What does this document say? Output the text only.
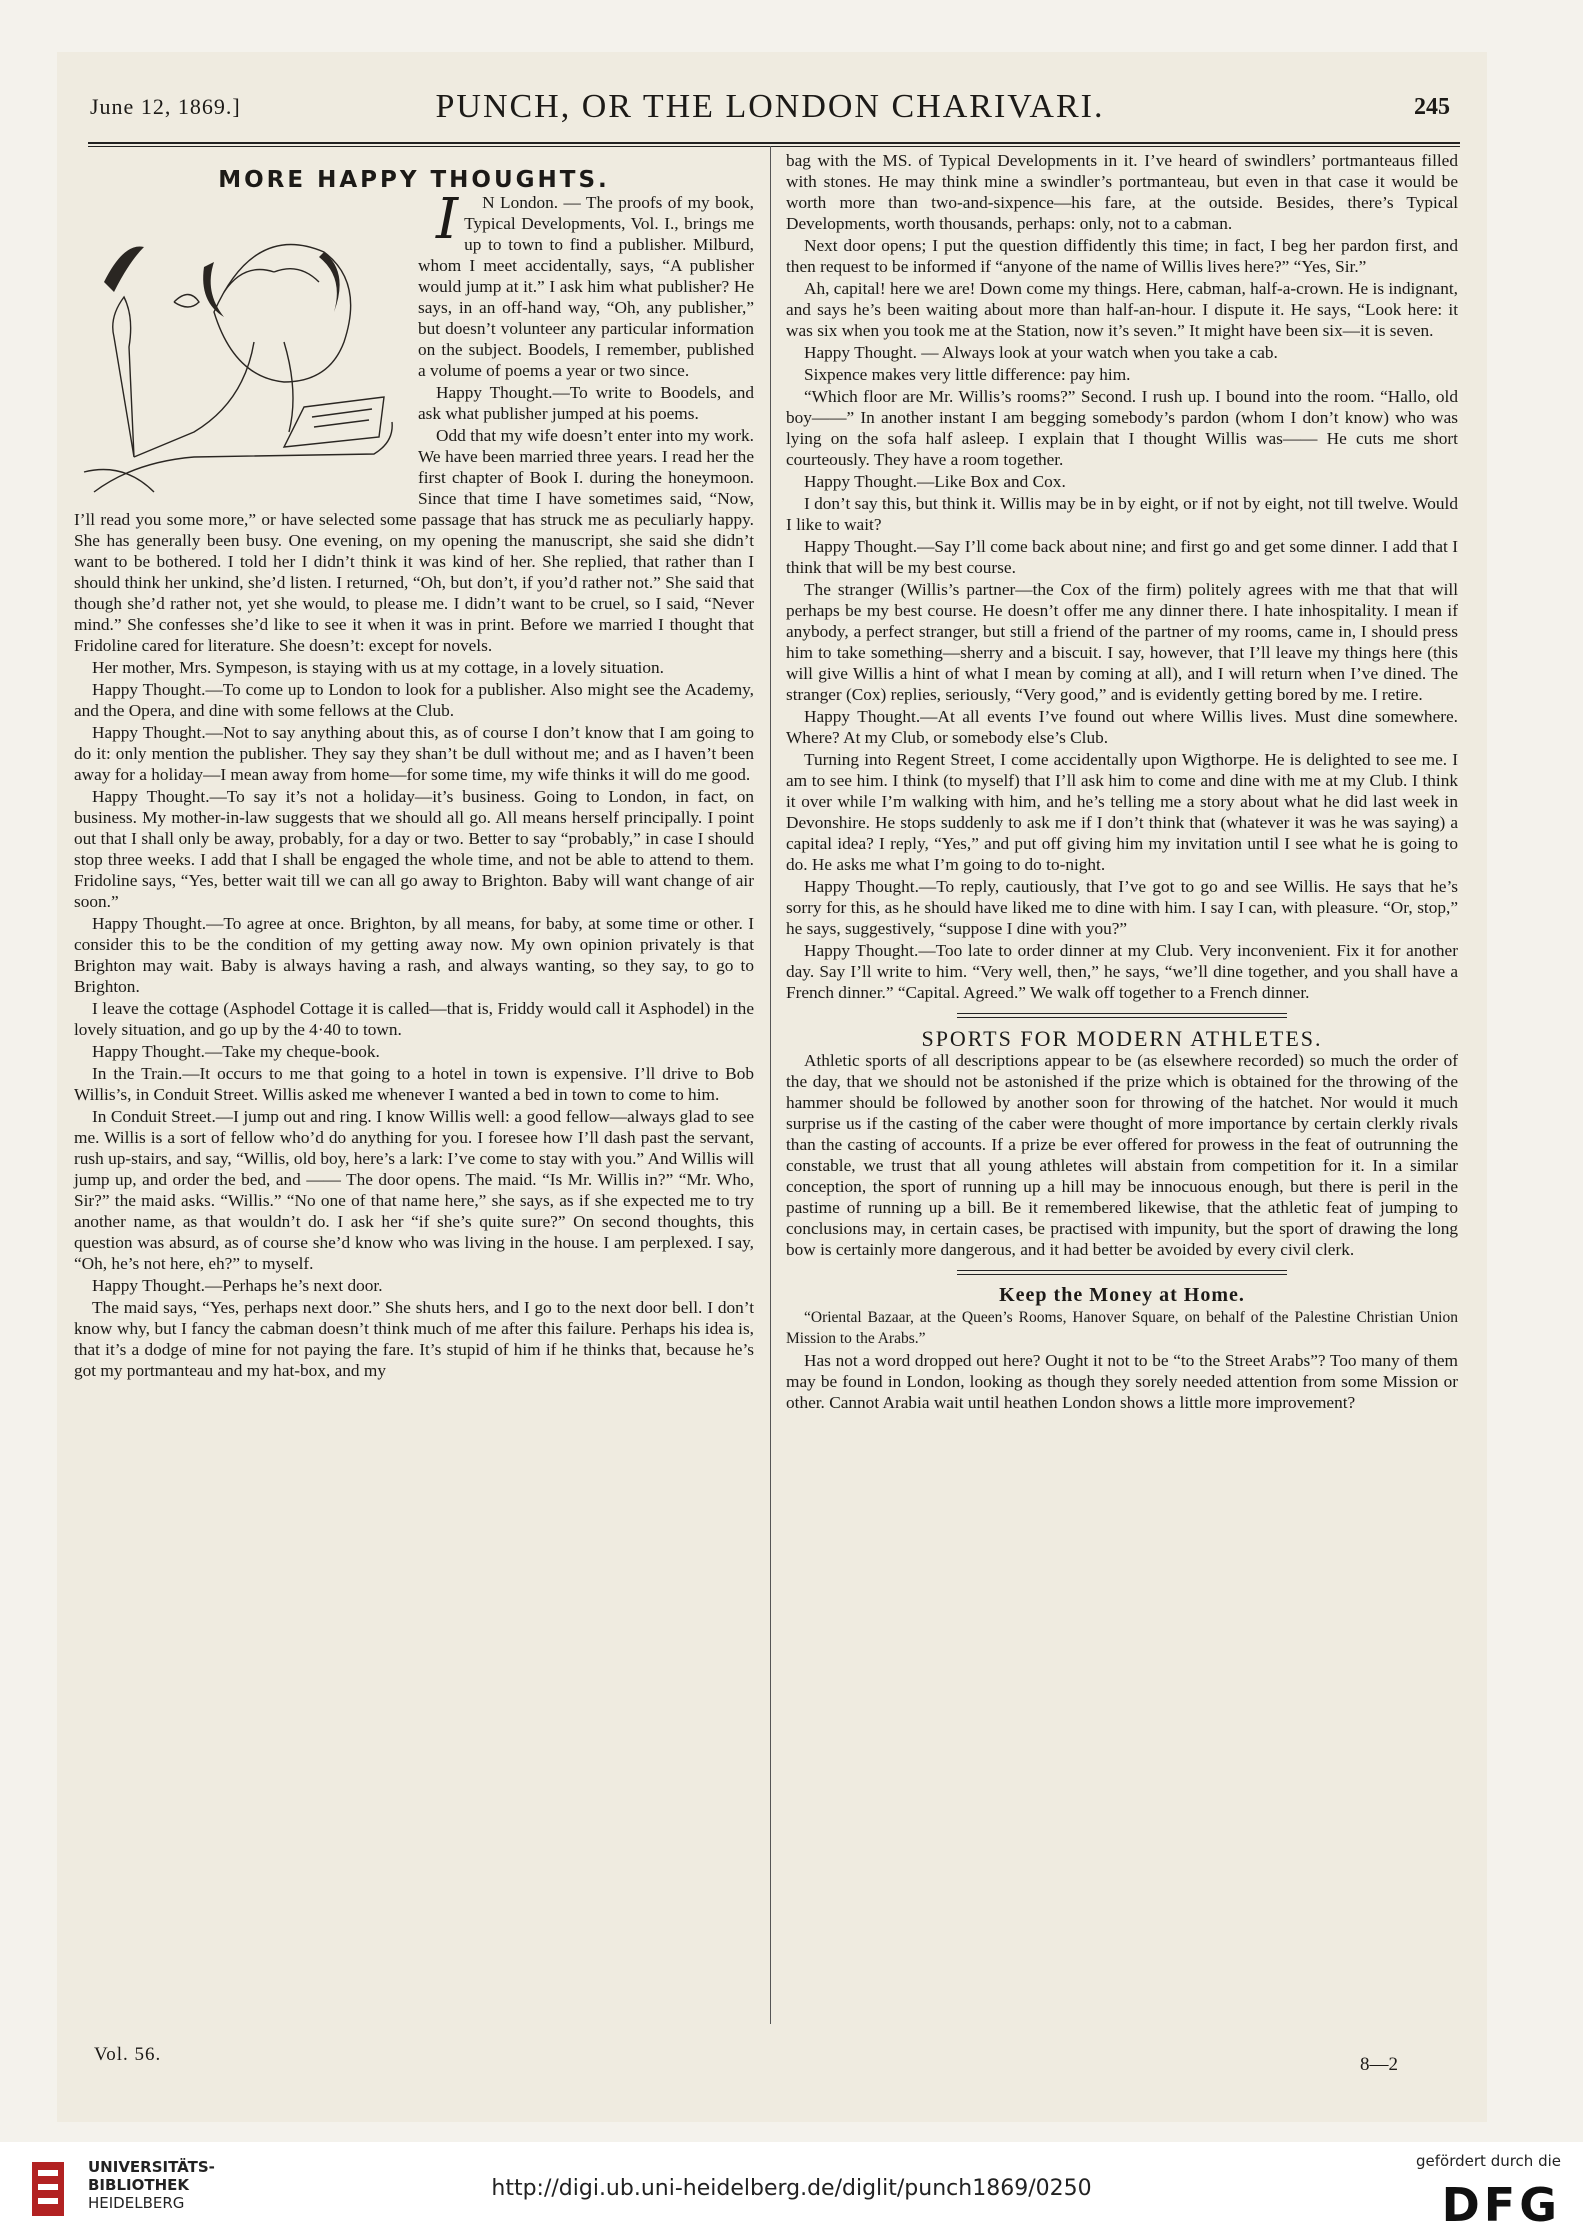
June 12, 1869.]	PUNCH, OR THE LONDON CHARIVARI.	245

MORE HAPPY THOUGHTS.

I N London. — The proofs of my book, Typical Developments, Vol. I., brings me up to town to find a publisher. Milburd, whom I meet accidentally, says, “A publisher would jump at it.” I ask him what publisher? He says, in an off-hand way, “Oh, any publisher,” but doesn’t volunteer any particular information on the subject. Boodels, I remember, published a volume of poems a year or two since.

Happy Thought.—To write to Boodels, and ask what publisher jumped at his poems.

Odd that my wife doesn’t enter into my work. We have been married three years. I read her the first chapter of Book I. during the honeymoon. Since that time I have sometimes said, “Now, I’ll read you some more,” or have selected some passage that has struck me as peculiarly happy. She has generally been busy. One evening, on my opening the manuscript, she said she didn’t want to be bothered. I told her I didn’t think it was kind of her. She replied, that rather than I should think her unkind, she’d listen. I returned, “Oh, but don’t, if you’d rather not.” She said that though she’d rather not, yet she would, to please me. I didn’t want to be cruel, so I said, “Never mind.” She confesses she’d like to see it when it was in print. Before we married I thought that Fridoline cared for literature. She doesn’t: except for novels.

Her mother, Mrs. Sympeson, is staying with us at my cottage, in a lovely situation.

Happy Thought.—To come up to London to look for a publisher. Also might see the Academy, and the Opera, and dine with some fellows at the Club.

Happy Thought.—Not to say anything about this, as of course I don’t know that I am going to do it: only mention the publisher. They say they shan’t be dull without me; and as I haven’t been away for a holiday—I mean away from home—for some time, my wife thinks it will do me good.

Happy Thought.—To say it’s not a holiday—it’s business. Going to London, in fact, on business. My mother-in-law suggests that we should all go. All means herself principally. I point out that I shall only be away, probably, for a day or two. Better to say “probably,” in case I should stop three weeks. I add that I shall be engaged the whole time, and not be able to attend to them. Fridoline says, “Yes, better wait till we can all go away to Brighton. Baby will want change of air soon.”

Happy Thought.—To agree at once. Brighton, by all means, for baby, at some time or other. I consider this to be the condition of my getting away now. My own opinion privately is that Brighton may wait. Baby is always having a rash, and always wanting, so they say, to go to Brighton.

I leave the cottage (Asphodel Cottage it is called—that is, Friddy would call it Asphodel) in the lovely situation, and go up by the 4·40 to town.

Happy Thought.—Take my cheque-book.

In the Train.—It occurs to me that going to a hotel in town is expensive. I’ll drive to Bob Willis’s, in Conduit Street. Willis asked me whenever I wanted a bed in town to come to him.

In Conduit Street.—I jump out and ring. I know Willis well: a good fellow—always glad to see me. Willis is a sort of fellow who’d do anything for you. I foresee how I’ll dash past the servant, rush up-stairs, and say, “Willis, old boy, here’s a lark: I’ve come to stay with you.” And Willis will jump up, and order the bed, and —— The door opens. The maid. “Is Mr. Willis in?” “Mr. Who, Sir?” the maid asks. “Willis.” “No one of that name here,” she says, as if she expected me to try another name, as that wouldn’t do. I ask her “if she’s quite sure?” On second thoughts, this question was absurd, as of course she’d know who was living in the house. I am perplexed. I say, “Oh, he’s not here, eh?” to myself.

Happy Thought.—Perhaps he’s next door.

The maid says, “Yes, perhaps next door.” She shuts hers, and I go to the next door bell. I don’t know why, but I fancy the cabman doesn’t think much of me after this failure. Perhaps his idea is, that it’s a dodge of mine for not paying the fare. It’s stupid of him if he thinks that, because he’s got my portmanteau and my hat-box, and my

bag with the MS. of Typical Developments in it. I’ve heard of swindlers’ portmanteaus filled with stones. He may think mine a swindler’s portmanteau, but even in that case it would be worth more than two-and-sixpence—his fare, at the outside. Besides, there’s Typical Developments, worth thousands, perhaps: only, not to a cabman.

Next door opens; I put the question diffidently this time; in fact, I beg her pardon first, and then request to be informed if “anyone of the name of Willis lives here?” “Yes, Sir.”

Ah, capital! here we are! Down come my things. Here, cabman, half-a-crown. He is indignant, and says he’s been waiting about more than half-an-hour. I dispute it. He says, “Look here: it was six when you took me at the Station, now it’s seven.” It might have been six—it is seven.

Happy Thought. — Always look at your watch when you take a cab.

Sixpence makes very little difference: pay him.

“Which floor are Mr. Willis’s rooms?” Second. I rush up. I bound into the room. “Hallo, old boy——” In another instant I am begging somebody’s pardon (whom I don’t know) who was lying on the sofa half asleep. I explain that I thought Willis was—— He cuts me short courteously. They have a room together.

Happy Thought.—Like Box and Cox.

I don’t say this, but think it. Willis may be in by eight, or if not by eight, not till twelve. Would I like to wait?

Happy Thought.—Say I’ll come back about nine; and first go and get some dinner. I add that I think that will be my best course.

The stranger (Willis’s partner—the Cox of the firm) politely agrees with me that that will perhaps be my best course. He doesn’t offer me any dinner there. I hate inhospitality. I mean if anybody, a perfect stranger, but still a friend of the partner of my rooms, came in, I should press him to take something—sherry and a biscuit. I say, however, that I’ll leave my things here (this will give Willis a hint of what I mean by coming at all), and I will return when I’ve dined. The stranger (Cox) replies, seriously, “Very good,” and is evidently getting bored by me. I retire.

Happy Thought.—At all events I’ve found out where Willis lives. Must dine somewhere. Where? At my Club, or somebody else’s Club.

Turning into Regent Street, I come accidentally upon Wigthorpe. He is delighted to see me. I am to see him. I think (to myself) that I’ll ask him to come and dine with me at my Club. I think it over while I’m walking with him, and he’s telling me a story about what he did last week in Devonshire. He stops suddenly to ask me if I don’t think that (whatever it was he was saying) a capital idea? I reply, “Yes,” and put off giving him my invitation until I see what he is going to do. He asks me what I’m going to do to-night.

Happy Thought.—To reply, cautiously, that I’ve got to go and see Willis. He says that he’s sorry for this, as he should have liked me to dine with him. I say I can, with pleasure. “Or, stop,” he says, suggestively, “suppose I dine with you?”

Happy Thought.—Too late to order dinner at my Club. Very inconvenient. Fix it for another day. Say I’ll write to him. “Very well, then,” he says, “we’ll dine together, and you shall have a French dinner.” “Capital. Agreed.” We walk off together to a French dinner.

SPORTS FOR MODERN ATHLETES.

Athletic sports of all descriptions appear to be (as elsewhere recorded) so much the order of the day, that we should not be astonished if the prize which is obtained for the throwing of the hammer should be followed by another soon for throwing of the hatchet. Nor would it much surprise us if the casting of the caber were thought of more importance by certain clerkly rivals than the casting of accounts. If a prize be ever offered for prowess in the feat of outrunning the constable, we trust that all young athletes will abstain from competition for it. In a similar conception, the sport of running up a hill may be innocuous enough, but there is peril in the pastime of running up a bill. Be it remembered likewise, that the athletic feat of jumping to conclusions may, in certain cases, be practised with impunity, but the sport of drawing the long bow is certainly more dangerous, and it had better be avoided by every civil clerk.

Keep the Money at Home.

“Oriental Bazaar, at the Queen’s Rooms, Hanover Square, on behalf of the Palestine Christian Union Mission to the Arabs.”

Has not a word dropped out here? Ought it not to be “to the Street Arabs”? Too many of them may be found in London, looking as though they sorely needed attention from some Mission or other. Cannot Arabia wait until heathen London shows a little more improvement?

Vol. 56.	8—2
UNIVERSITÄTS-
BIBLIOTHEK
HEIDELBERG
http://digi.ub.uni-heidelberg.de/diglit/punch1869/0250
gefördert durch die
DFG
